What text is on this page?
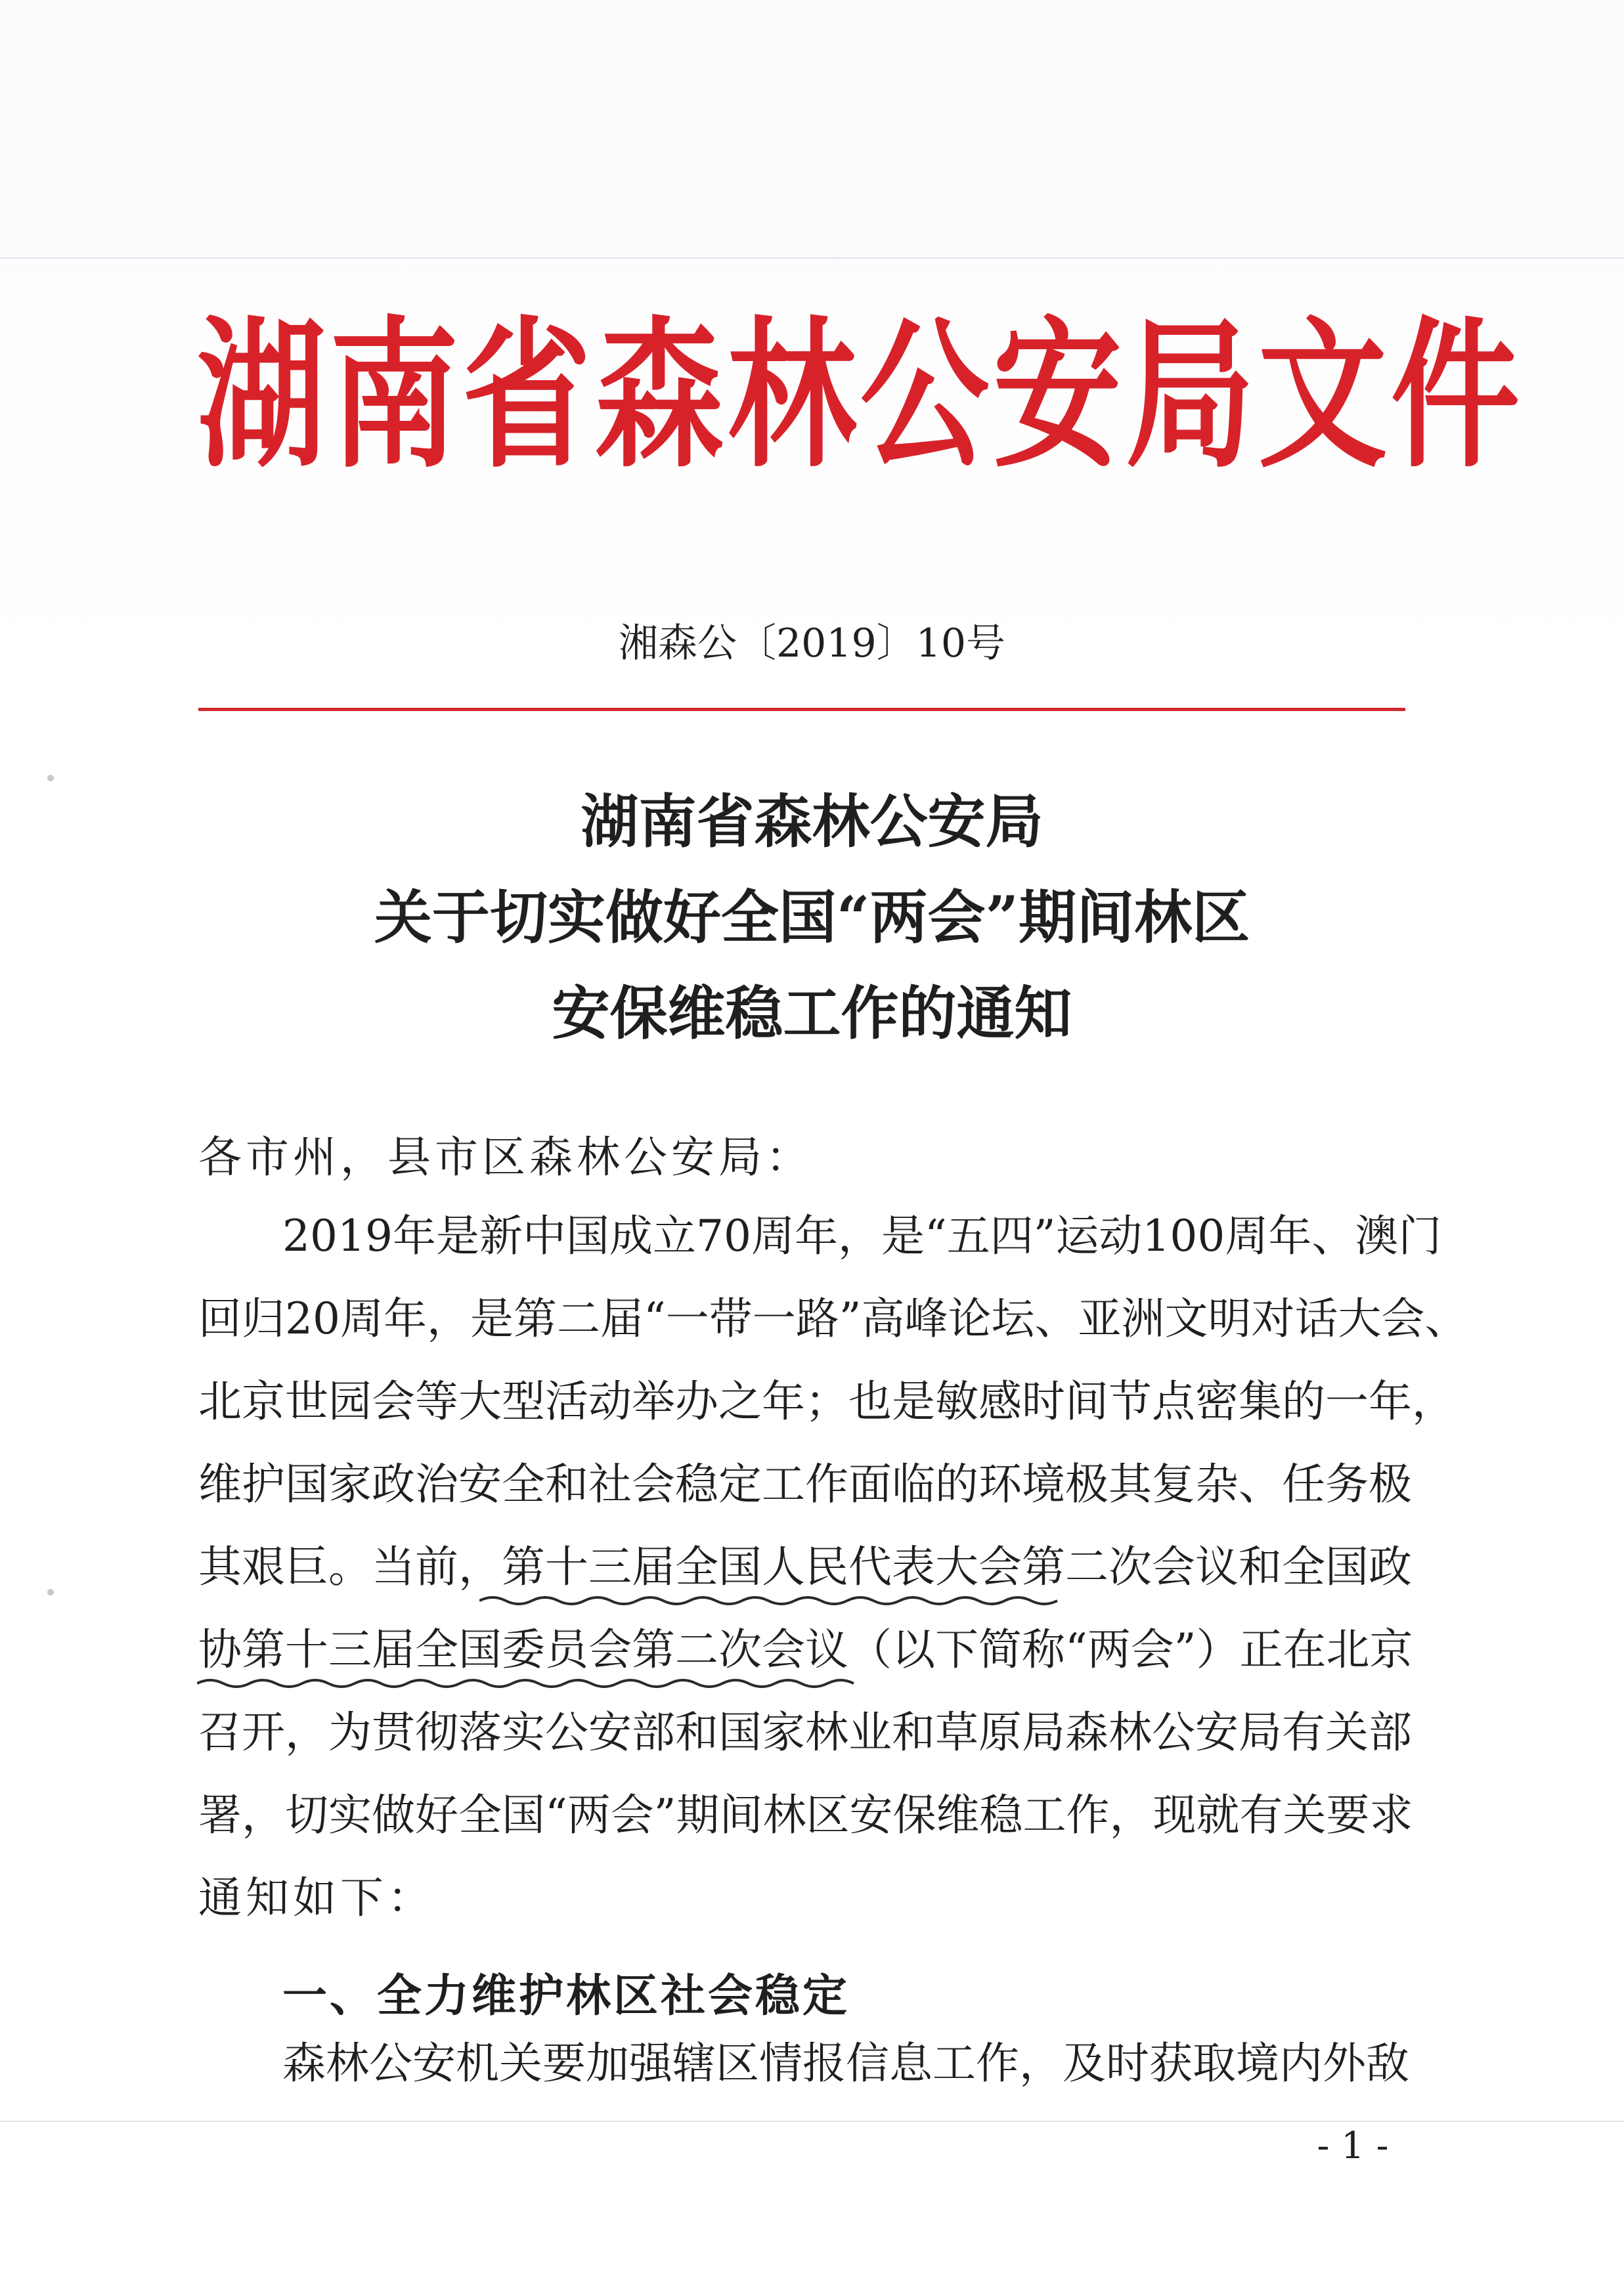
湖南省森林公安局文件
湘森公〔2019〕10号
湖南省森林公安局
关于切实做好全国“两会”期间林区
安保维稳工作的通知
各市州，县市区森林公安局：
2019年是新中国成立70周年，是“五四”运动100周年、澳门
回归20周年，是第二届“一带一路”高峰论坛、亚洲文明对话大会、
北京世园会等大型活动举办之年；也是敏感时间节点密集的一年，
维护国家政治安全和社会稳定工作面临的环境极其复杂、任务极
其艰巨。当前，第十三届全国人民代表大会第二次会议和全国政
协第十三届全国委员会第二次会议（以下简称“两会”）正在北京
召开，为贯彻落实公安部和国家林业和草原局森林公安局有关部
署，切实做好全国“两会”期间林区安保维稳工作，现就有关要求
通知如下：
一、全力维护林区社会稳定
森林公安机关要加强辖区情报信息工作，及时获取境内外敌
- 1 -
